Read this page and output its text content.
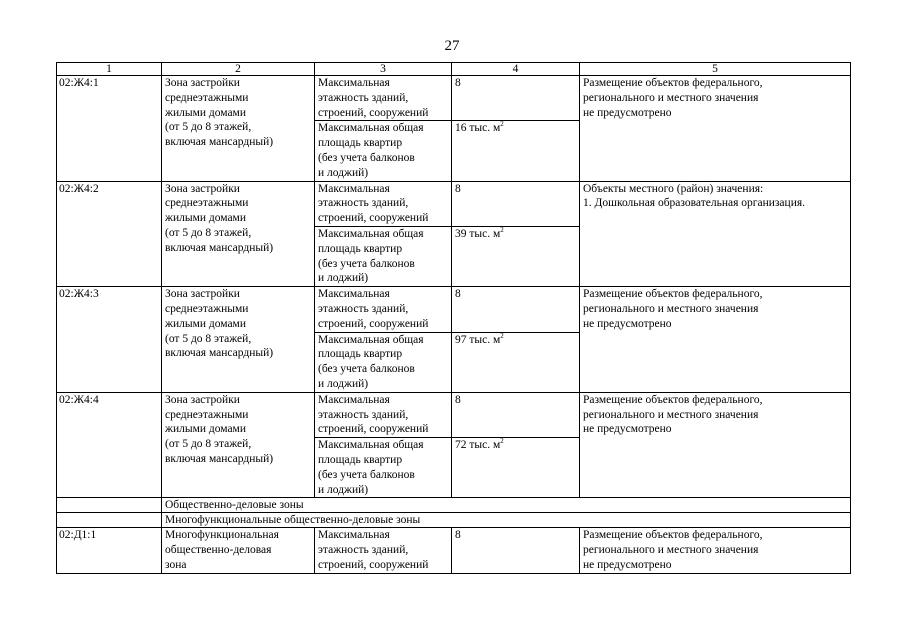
27
1	2	3	4	5
02:Ж4:1	Зона застройки
среднеэтажными
жилыми домами
(от 5 до 8 этажей,
включая мансардный)	Максимальная
этажность зданий,
строений, сооружений	8	Размещение объектов федерального,
регионального и местного значения
не предусмотрено
		Максимальная общая
площадь квартир
(без учета балконов
и лоджий)	16 тыс. $м^2$
02:Ж4:2	Зона застройки
среднеэтажными
жилыми домами
(от 5 до 8 этажей,
включая мансардный)	Максимальная
этажность зданий,
строений, сооружений	8	Объекты местного (район) значения:
1. Дошкольная образовательная организация.
		Максимальная общая
площадь квартир
(без учета балконов
и лоджий)	39 тыс. $м^2$
02:Ж4:3	Зона застройки
среднеэтажными
жилыми домами
(от 5 до 8 этажей,
включая мансардный)	Максимальная
этажность зданий,
строений, сооружений	8	Размещение объектов федерального,
регионального и местного значения
не предусмотрено
		Максимальная общая
площадь квартир
(без учета балконов
и лоджий)	97 тыс. $м^2$
02:Ж4:4	Зона застройки
среднеэтажными
жилыми домами
(от 5 до 8 этажей,
включая мансардный)	Максимальная
этажность зданий,
строений, сооружений	8	Размещение объектов федерального,
регионального и местного значения
не предусмотрено
		Максимальная общая
площадь квартир
(без учета балконов
и лоджий)	72 тыс. $м^2$
	Общественно-деловые зоны			
	Многофункциональные общественно-деловые зоны			
02:Д1:1	Многофункциональная
общественно-деловая
зона	Максимальная
этажность зданий,
строений, сооружений	8	Размещение объектов федерального,
регионального и местного значения
не предусмотрено
